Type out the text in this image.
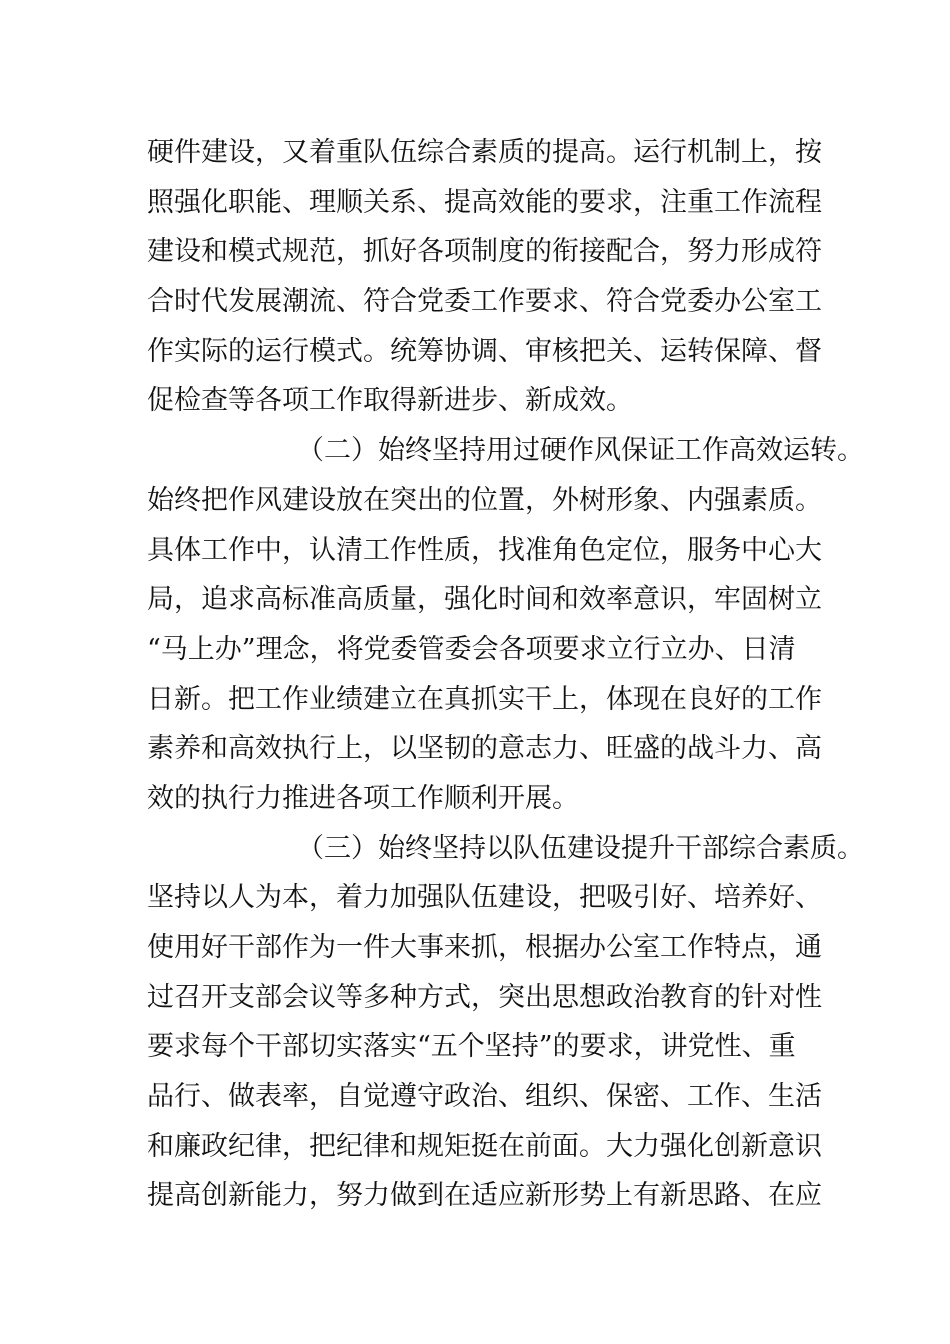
硬件建设，又着重队伍综合素质的提高。运行机制上，按
照强化职能、理顺关系、提高效能的要求，注重工作流程
建设和模式规范，抓好各项制度的衔接配合，努力形成符
合时代发展潮流、符合党委工作要求、符合党委办公室工
作实际的运行模式。统筹协调、审核把关、运转保障、督
促检查等各项工作取得新进步、新成效。
（二）始终坚持用过硬作风保证工作高效运转。
始终把作风建设放在突出的位置，外树形象、内强素质。
具体工作中，认清工作性质，找准角色定位，服务中心大
局，追求高标准高质量，强化时间和效率意识，牢固树立
“马上办”理念，将党委管委会各项要求立行立办、日清
日新。把工作业绩建立在真抓实干上，体现在良好的工作
素养和高效执行上，以坚韧的意志力、旺盛的战斗力、高
效的执行力推进各项工作顺利开展。
（三）始终坚持以队伍建设提升干部综合素质。
坚持以人为本，着力加强队伍建设，把吸引好、培养好、
使用好干部作为一件大事来抓，根据办公室工作特点，通
过召开支部会议等多种方式，突出思想政治教育的针对性
要求每个干部切实落实“五个坚持”的要求，讲党性、重
品行、做表率，自觉遵守政治、组织、保密、工作、生活
和廉政纪律，把纪律和规矩挺在前面。大力强化创新意识
提高创新能力，努力做到在适应新形势上有新思路、在应
